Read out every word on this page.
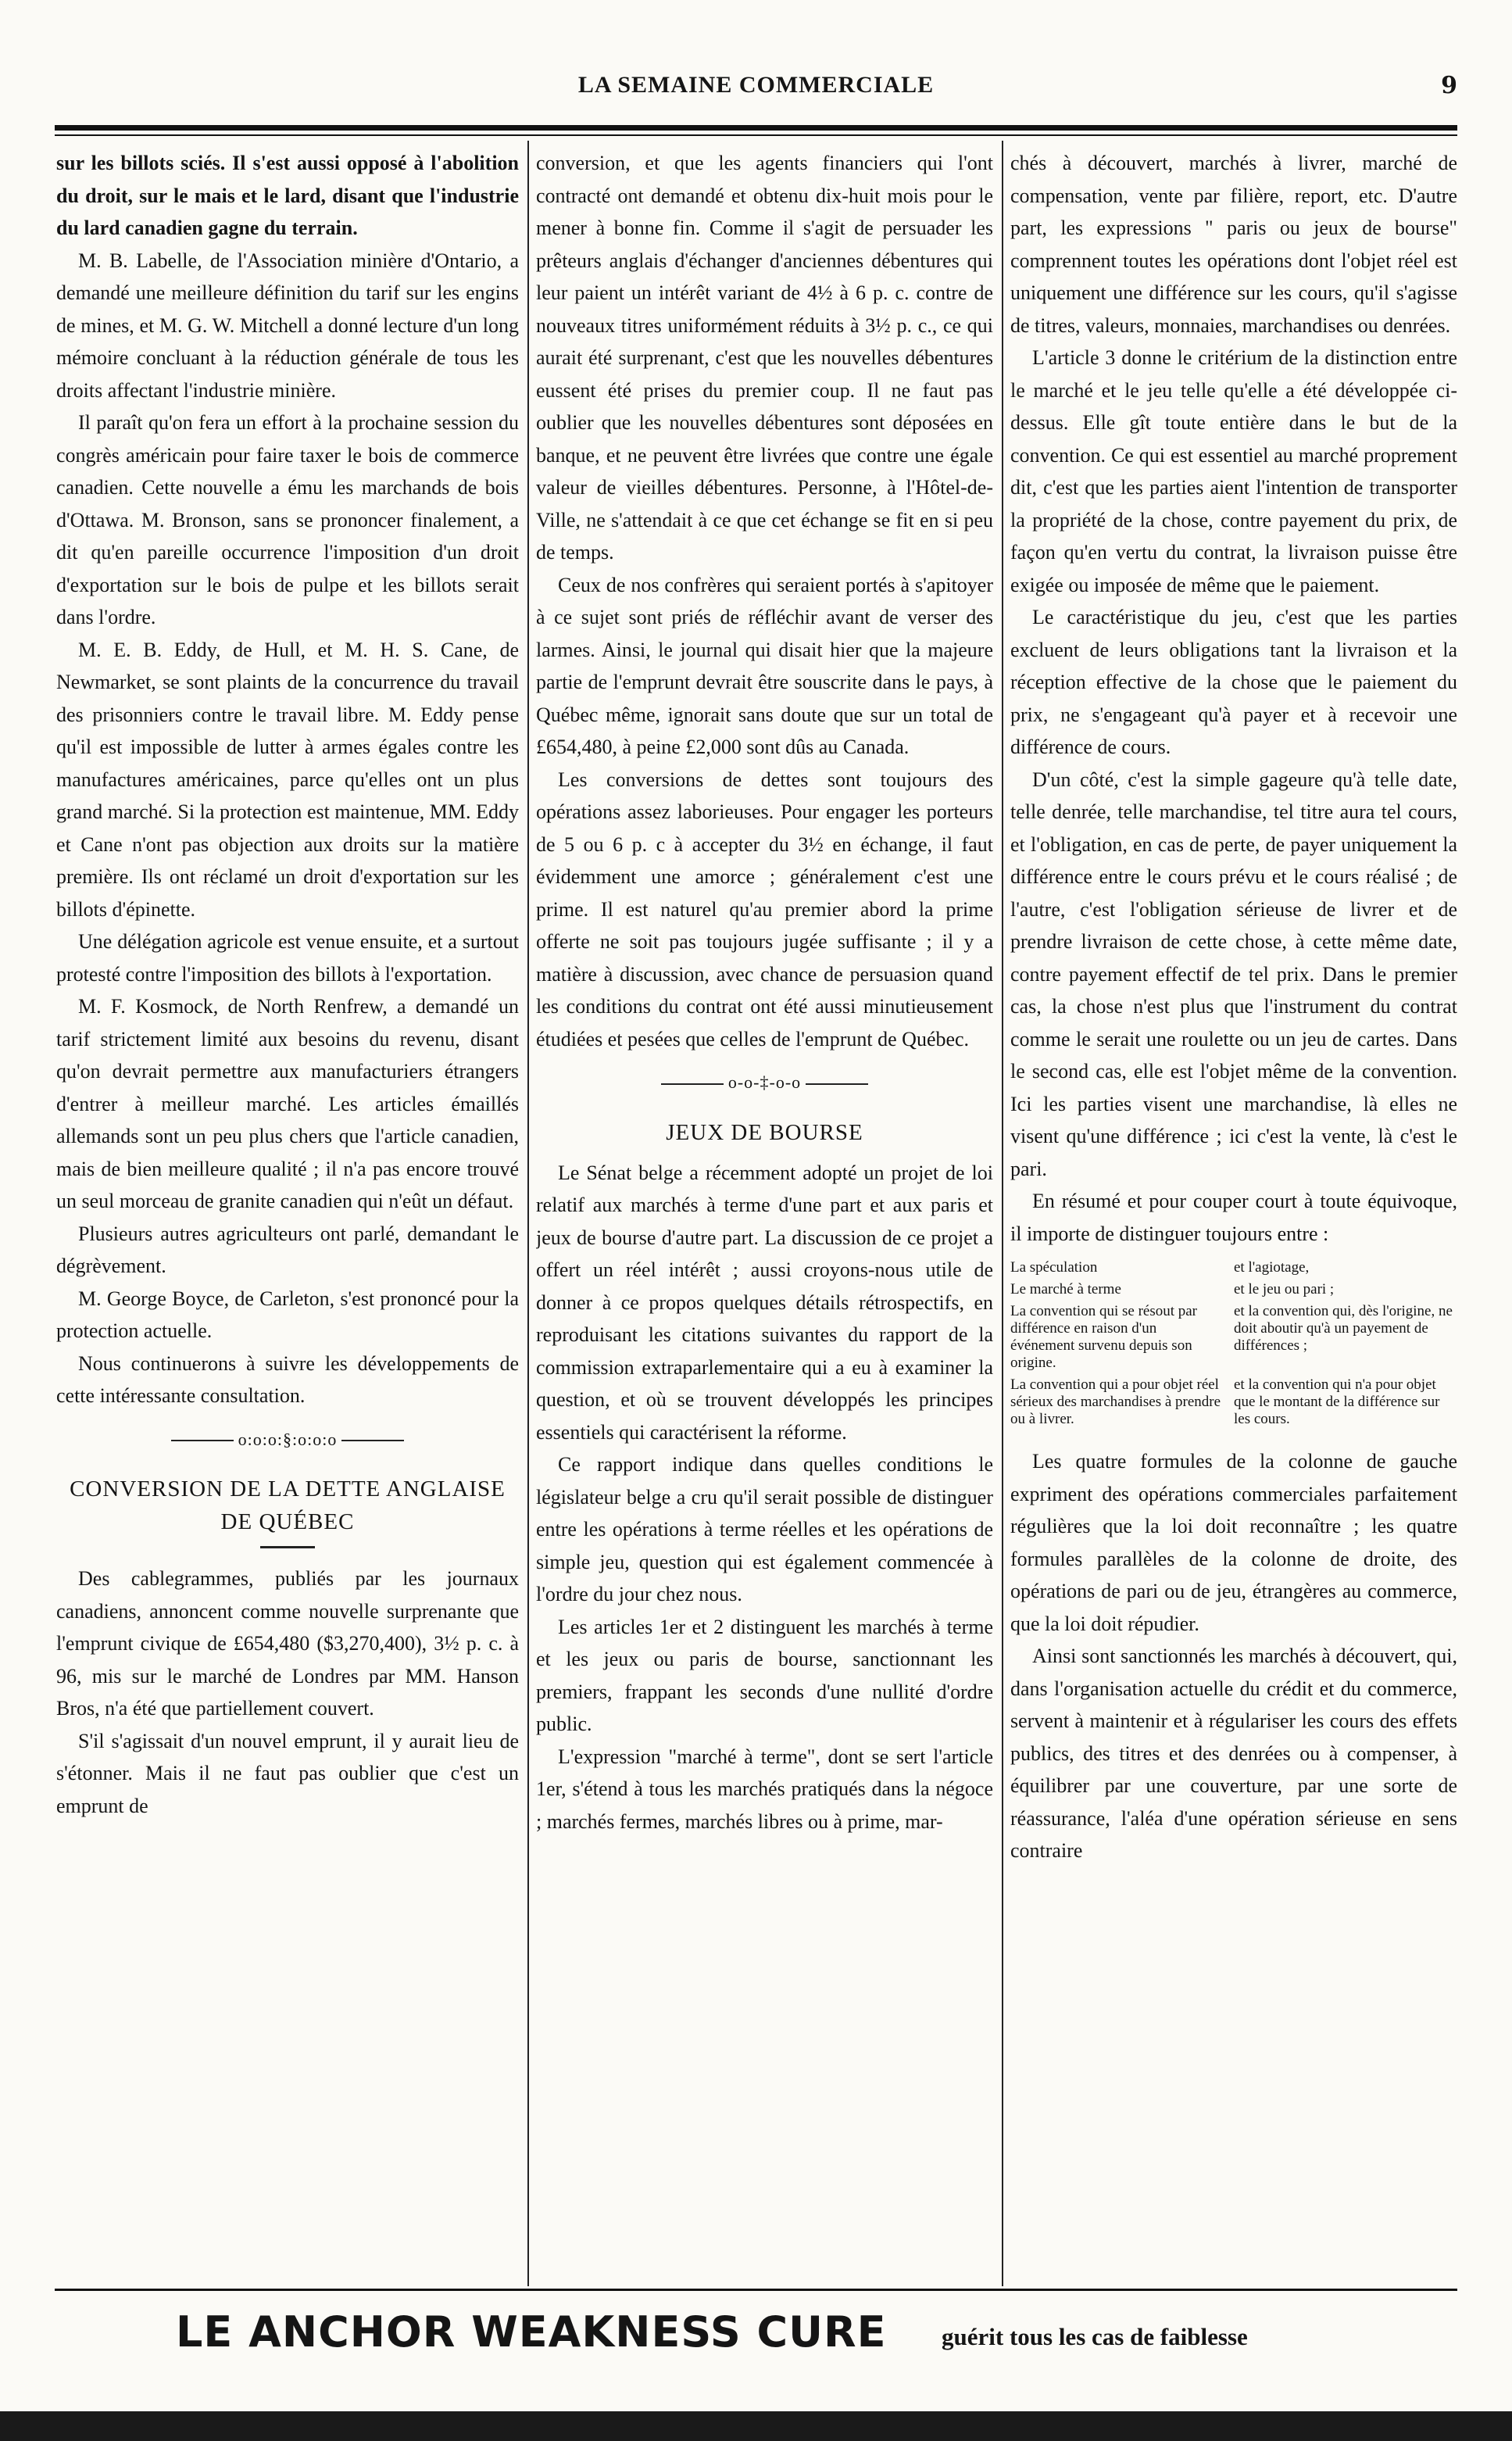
LA SEMAINE COMMERCIALE	9

sur les billots sciés. Il s'est aussi opposé à l'abolition du droit, sur le mais et le lard, disant que l'industrie du lard canadien gagne du terrain.

M. B. Labelle, de l'Association minière d'Ontario, a demandé une meilleure définition du tarif sur les engins de mines, et M. G. W. Mitchell a donné lecture d'un long mémoire concluant à la réduction générale de tous les droits affectant l'industrie minière.

Il paraît qu'on fera un effort à la prochaine session du congrès américain pour faire taxer le bois de commerce canadien. Cette nouvelle a ému les marchands de bois d'Ottawa. M. Bronson, sans se prononcer finalement, a dit qu'en pareille occurrence l'imposition d'un droit d'exportation sur le bois de pulpe et les billots serait dans l'ordre.

M. E. B. Eddy, de Hull, et M. H. S. Cane, de Newmarket, se sont plaints de la concurrence du travail des prisonniers contre le travail libre. M. Eddy pense qu'il est impossible de lutter à armes égales contre les manufactures américaines, parce qu'elles ont un plus grand marché. Si la protection est maintenue, MM. Eddy et Cane n'ont pas objection aux droits sur la matière première. Ils ont réclamé un droit d'exportation sur les billots d'épinette.

Une délégation agricole est venue ensuite, et a surtout protesté contre l'imposition des billots à l'exportation.

M. F. Kosmock, de North Renfrew, a demandé un tarif strictement limité aux besoins du revenu, disant qu'on devrait permettre aux manufacturiers étrangers d'entrer à meilleur marché. Les articles émaillés allemands sont un peu plus chers que l'article canadien, mais de bien meilleure qualité ; il n'a pas encore trouvé un seul morceau de granite canadien qui n'eût un défaut.

Plusieurs autres agriculteurs ont parlé, demandant le dégrèvement.

M. George Boyce, de Carleton, s'est prononcé pour la protection actuelle.

Nous continuerons à suivre les développements de cette intéressante consultation.

o:o:o:§:o:o:o
CONVERSION DE LA DETTE ANGLAISE DE QUÉBEC

Des cablegrammes, publiés par les journaux canadiens, annoncent comme nouvelle surprenante que l'emprunt civique de £654,480 ($3,270,400), 3½ p. c. à 96, mis sur le marché de Londres par MM. Hanson Bros, n'a été que partiellement couvert.

S'il s'agissait d'un nouvel emprunt, il y aurait lieu de s'étonner. Mais il ne faut pas oublier que c'est un emprunt de

conversion, et que les agents financiers qui l'ont contracté ont demandé et obtenu dix-huit mois pour le mener à bonne fin. Comme il s'agit de persuader les prêteurs anglais d'échanger d'anciennes débentures qui leur paient un intérêt variant de 4½ à 6 p. c. contre de nouveaux titres uniformément réduits à 3½ p. c., ce qui aurait été surprenant, c'est que les nouvelles débentures eussent été prises du premier coup. Il ne faut pas oublier que les nouvelles débentures sont déposées en banque, et ne peuvent être livrées que contre une égale valeur de vieilles débentures. Personne, à l'Hôtel-de-Ville, ne s'attendait à ce que cet échange se fit en si peu de temps.

Ceux de nos confrères qui seraient portés à s'apitoyer à ce sujet sont priés de réfléchir avant de verser des larmes. Ainsi, le journal qui disait hier que la majeure partie de l'emprunt devrait être souscrite dans le pays, à Québec même, ignorait sans doute que sur un total de £654,480, à peine £2,000 sont dûs au Canada.

Les conversions de dettes sont toujours des opérations assez laborieuses. Pour engager les porteurs de 5 ou 6 p. c à accepter du 3½ en échange, il faut évidemment une amorce ; généralement c'est une prime. Il est naturel qu'au premier abord la prime offerte ne soit pas toujours jugée suffisante ; il y a matière à discussion, avec chance de persuasion quand les conditions du contrat ont été aussi minutieusement étudiées et pesées que celles de l'emprunt de Québec.

o-o-‡-o-o
JEUX DE BOURSE

Le Sénat belge a récemment adopté un projet de loi relatif aux marchés à terme d'une part et aux paris et jeux de bourse d'autre part. La discussion de ce projet a offert un réel intérêt ; aussi croyons-nous utile de donner à ce propos quelques détails rétrospectifs, en reproduisant les citations suivantes du rapport de la commission extraparlementaire qui a eu à examiner la question, et où se trouvent développés les principes essentiels qui caractérisent la réforme.

Ce rapport indique dans quelles conditions le législateur belge a cru qu'il serait possible de distinguer entre les opérations à terme réelles et les opérations de simple jeu, question qui est également commencée à l'ordre du jour chez nous.

Les articles 1er et 2 distinguent les marchés à terme et les jeux ou paris de bourse, sanctionnant les premiers, frappant les seconds d'une nullité d'ordre public.

L'expression "marché à terme", dont se sert l'article 1er, s'étend à tous les marchés pratiqués dans la négoce ; marchés fermes, marchés libres ou à prime, mar-

chés à découvert, marchés à livrer, marché de compensation, vente par filière, report, etc. D'autre part, les expressions " paris ou jeux de bourse" comprennent toutes les opérations dont l'objet réel est uniquement une différence sur les cours, qu'il s'agisse de titres, valeurs, monnaies, marchandises ou denrées.

L'article 3 donne le critérium de la distinction entre le marché et le jeu telle qu'elle a été développée ci-dessus. Elle gît toute entière dans le but de la convention. Ce qui est essentiel au marché proprement dit, c'est que les parties aient l'intention de transporter la propriété de la chose, contre payement du prix, de façon qu'en vertu du contrat, la livraison puisse être exigée ou imposée de même que le paiement.

Le caractéristique du jeu, c'est que les parties excluent de leurs obligations tant la livraison et la réception effective de la chose que le paiement du prix, ne s'engageant qu'à payer et à recevoir une différence de cours.

D'un côté, c'est la simple gageure qu'à telle date, telle denrée, telle marchandise, tel titre aura tel cours, et l'obligation, en cas de perte, de payer uniquement la différence entre le cours prévu et le cours réalisé ; de l'autre, c'est l'obligation sérieuse de livrer et de prendre livraison de cette chose, à cette même date, contre payement effectif de tel prix. Dans le premier cas, la chose n'est plus que l'instrument du contrat comme le serait une roulette ou un jeu de cartes. Dans le second cas, elle est l'objet même de la convention. Ici les parties visent une marchandise, là elles ne visent qu'une différence ; ici c'est la vente, là c'est le pari.

En résumé et pour couper court à toute équivoque, il importe de distinguer toujours entre :

La spéculation	et l'agiotage,
Le marché à terme	et le jeu ou pari ;
La convention qui se résout par différence en raison d'un événement survenu depuis son origine.	et la convention qui, dès l'origine, ne doit aboutir qu'à un payement de différences ;
La convention qui a pour objet réel sérieux des marchandises à prendre ou à livrer.	et la convention qui n'a pour objet que le montant de la différence sur les cours.

Les quatre formules de la colonne de gauche expriment des opérations commerciales parfaitement régulières que la loi doit reconnaître ; les quatre formules parallèles de la colonne de droite, des opérations de pari ou de jeu, étrangères au commerce, que la loi doit répudier.

Ainsi sont sanctionnés les marchés à découvert, qui, dans l'organisation actuelle du crédit et du commerce, servent à maintenir et à régulariser les cours des effets publics, des titres et des denrées ou à compenser, à équilibrer par une couverture, par une sorte de réassurance, l'aléa d'une opération sérieuse en sens contraire

LE ANCHOR WEAKNESS CURE guérit tous les cas de faiblesse
